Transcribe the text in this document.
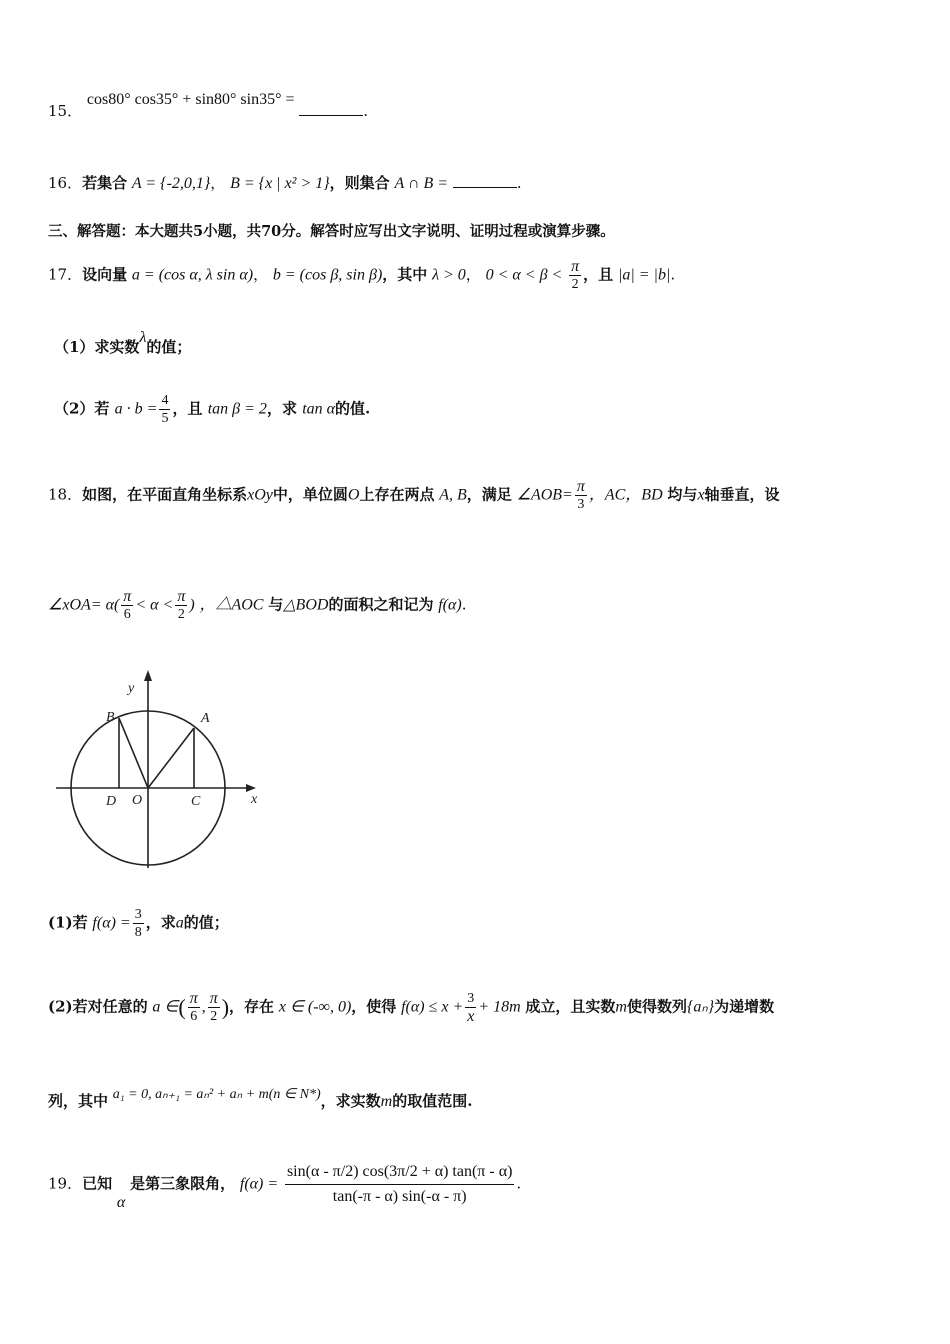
15． cos80° cos35° + sin80° sin35° = .
16．若集合 A = {-2,0,1}， B = {x | x² > 1}，则集合 A ∩ B =	.
三、解答题：本大题共5小题，共70分。解答时应写出文字说明、证明过程或演算步骤。
17．设向量 a = (cos α, λ sin α)， b = (cos β, sin β)，其中 λ > 0， $0 < \alpha < \beta < \frac{\pi}{2}$ ，且 |a| = |b|.
（1）求实数λ的值；
（2）若 $a \cdot b = \frac{4}{5}$ ，且 tan β = 2，求 tan α的值.
18．如图，在平面直角坐标系xOy中，单位圆O上存在两点 A, B，满足 ∠AOB= $\frac{\pi}{3}$ ，AC，BD 均与x轴垂直，设
∠xOA= $\alpha( \frac{\pi}{6} < \alpha < \frac{\pi}{2}$ ) ，△AOC 与△BOD的面积之和记为 f(α).
y
x
A
B
C
D O
(1)若 $f(\alpha) = \frac{3}{8}$ ，求a的值；
(2)若对任意的 a ∈( $\frac{\pi}{6}$ , $\frac{\pi}{2}$ )，存在 x ∈ (-∞, 0)，使得 $f(\alpha) \le x + \frac{3}{x} + 18m$ 成立，且实数m使得数列{aₙ}为递增数
列，其中 a₁ = 0, aₙ₊₁ = aₙ² + aₙ + m(n ∈ N*)，求实数m的取值范围.
19．已知 α 是第三象限角， $f(\alpha) = \frac{\sin(\alpha - \pi/2) \cos(3\pi/2 + \alpha) \tan(\pi - \alpha)}{\tan(-\pi - \alpha) \sin(-\alpha - \pi)}$ .
